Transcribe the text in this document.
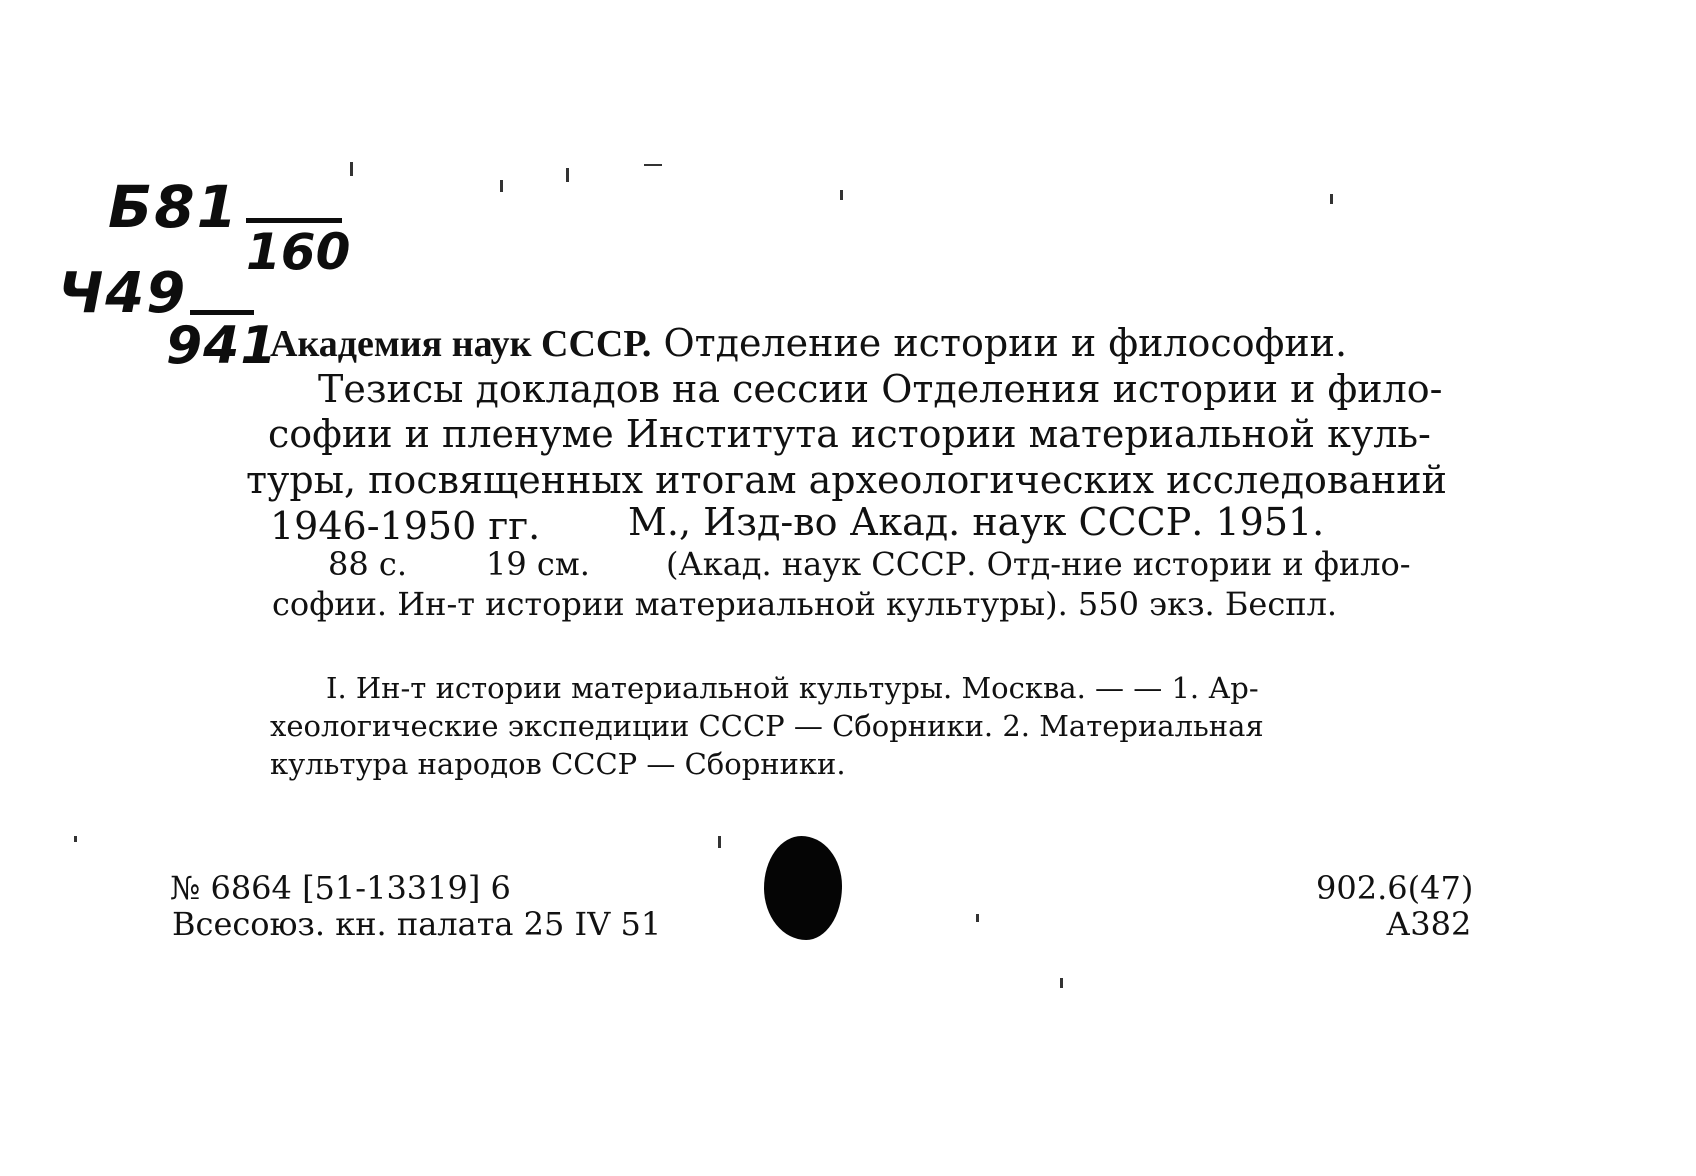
Б81
160
Ч49
941
Академия наук СССР. Отделение истории и философии.
Тезисы докладов на сессии Отделения истории и фило-
софии и пленуме Института истории материальной куль-
туры, посвященных итогам археологических исследований
1946-1950 гг. М., Изд-во Акад. наук СССР. 1951.
88 с. 19 см. (Акад. наук СССР. Отд-ние истории и фило-
софии. Ин-т истории материальной культуры). 550 экз. Беспл.
I. Ин-т истории материальной культуры. Москва. — — 1. Ар-
хеологические экспедиции СССР — Сборники. 2. Материальная
культура народов СССР — Сборники.
№ 6864 [51-13319] 6
Всесоюз. кн. палата 25 IV 51
902.6(47)
А382
